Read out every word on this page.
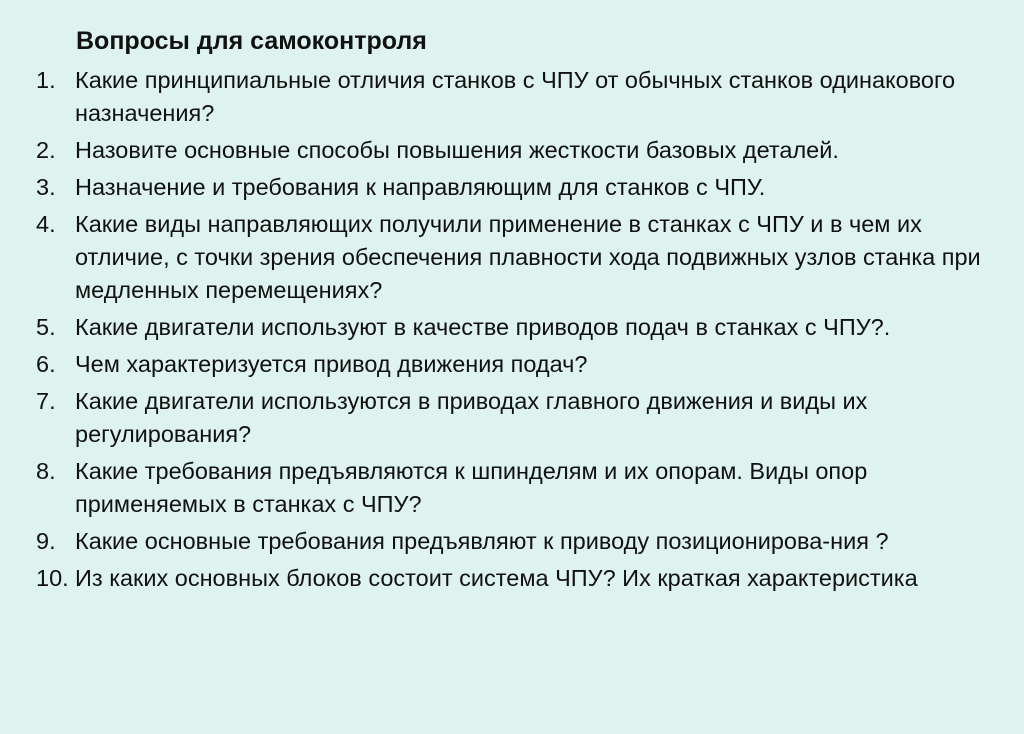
Вопросы для самоконтроля
1. Какие принципиальные отличия станков с ЧПУ от обычных станков одинакового назначения?
2. Назовите основные способы повышения жесткости базовых деталей.
3. Назначение и требования к направляющим для станков с ЧПУ.
4. Какие виды направляющих получили применение в станках с ЧПУ и в чем их отличие, с точки зрения обеспечения плавности хода подвижных узлов станка при медленных перемещениях?
5. Какие двигатели используют в качестве приводов подач в станках с ЧПУ?.
6. Чем характеризуется привод движения подач?
7. Какие двигатели используются в приводах главного движения и виды их регулирования?
8. Какие требования предъявляются к шпинделям и их опорам. Виды опор применяемых в станках с ЧПУ?
9. Какие основные требования предъявляют к приводу позиционирова-ния ?
10. Из каких основных блоков состоит система ЧПУ? Их краткая характеристика
